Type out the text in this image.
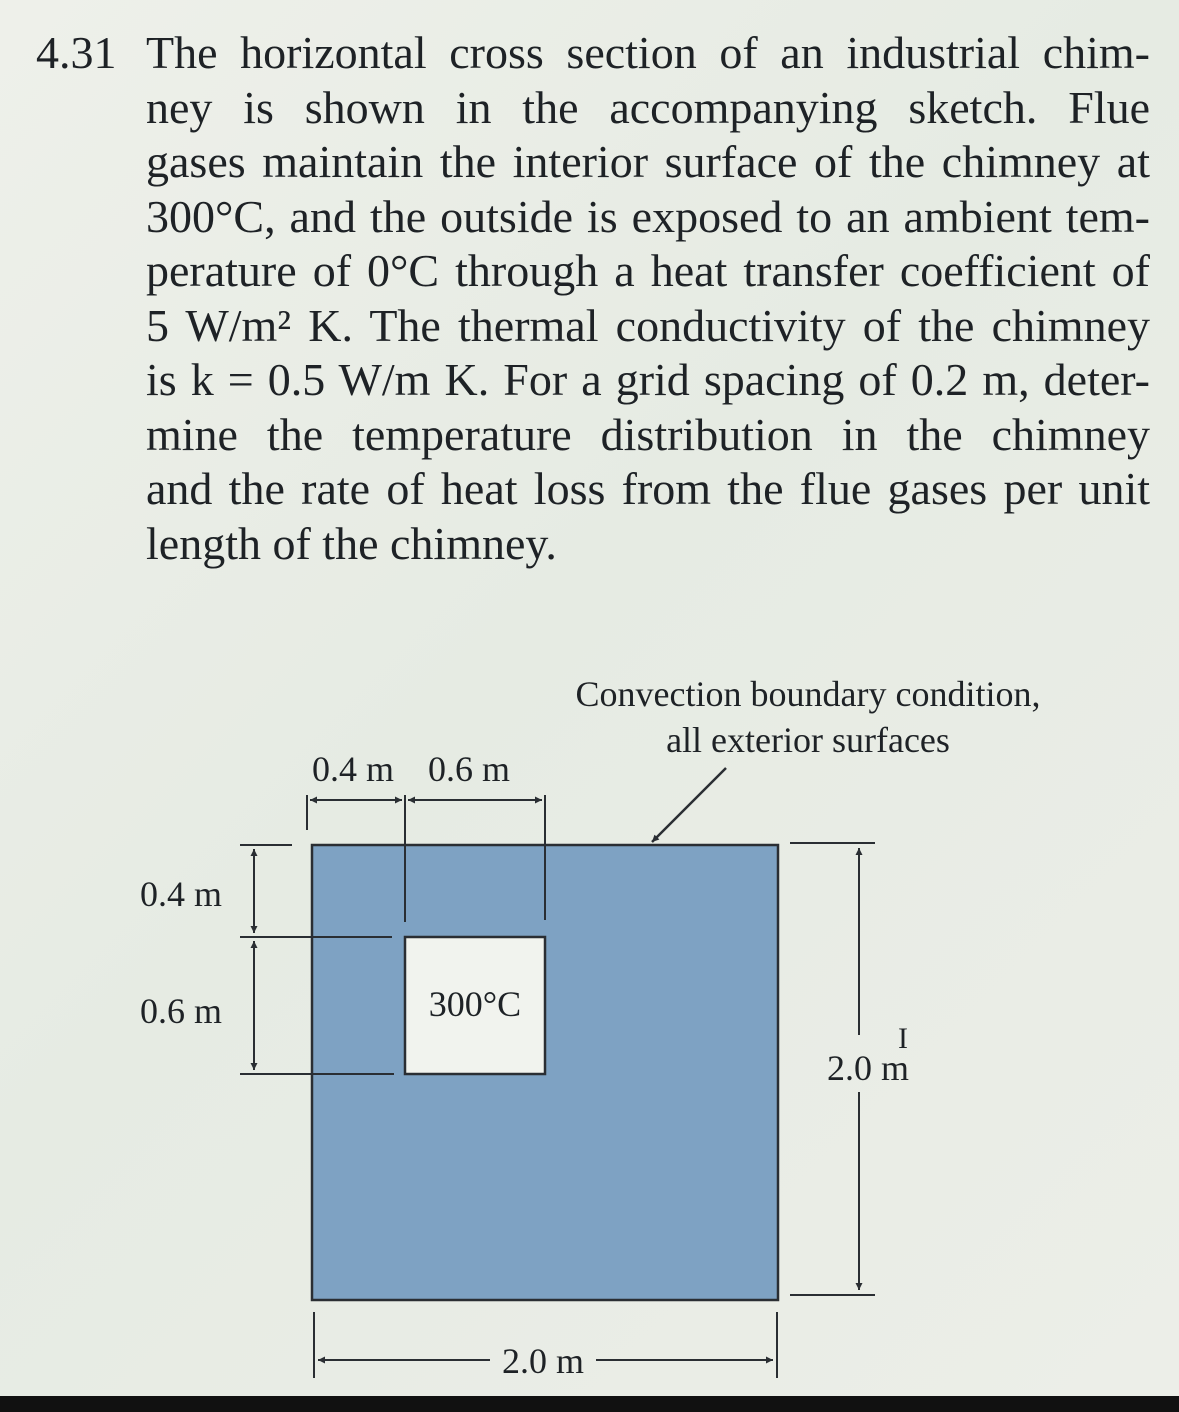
4.31 The horizontal cross section of an industrial chim-
ney is shown in the accompanying sketch. Flue
gases maintain the interior surface of the chimney at
300°C, and the outside is exposed to an ambient tem-
perature of 0°C through a heat transfer coefficient of
5 W/m² K. The thermal conductivity of the chimney
is k = 0.5 W/m K. For a grid spacing of 0.2 m, deter-
mine the temperature distribution in the chimney
and the rate of heat loss from the flue gases per unit
length of the chimney.
0.4 m 0.6 m
0.4 m
0.6 m	300°C
Convection boundary condition,
all exterior surfaces
2.0 m
I
2.0 m
